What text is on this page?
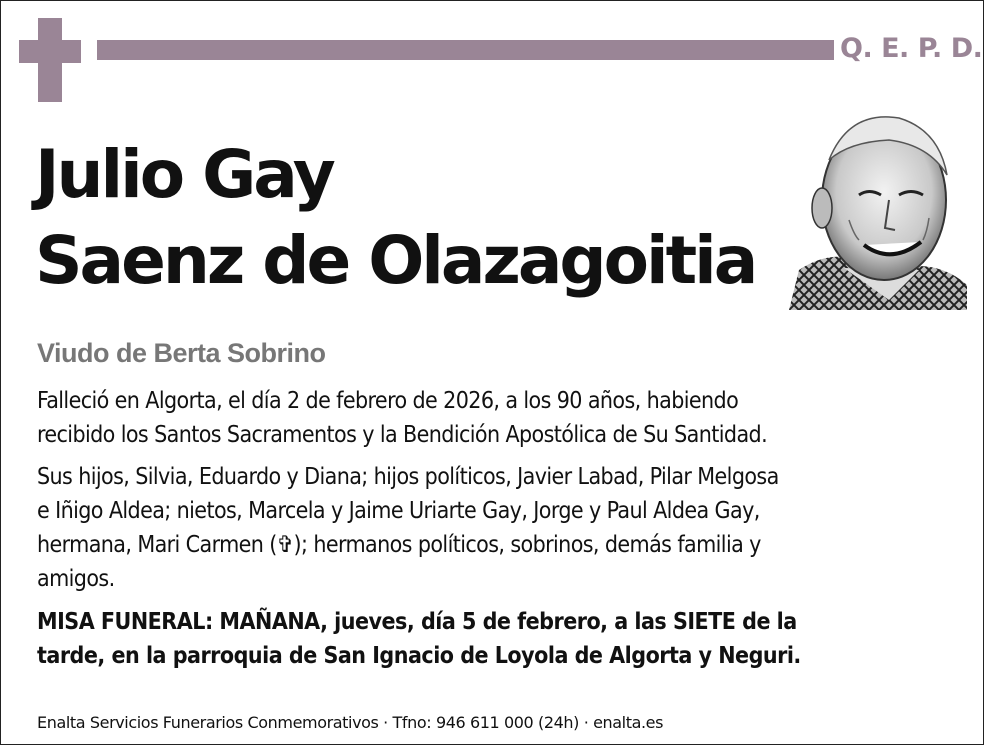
Q. E. P. D.
Julio Gay
Saenz de Olazagoitia
Viudo de Berta Sobrino
Falleció en Algorta, el día 2 de febrero de 2026, a los 90 años, habiendo
recibido los Santos Sacramentos y la Bendición Apostólica de Su Santidad.
Sus hijos, Silvia, Eduardo y Diana; hijos políticos, Javier Labad, Pilar Melgosa
e Iñigo Aldea; nietos, Marcela y Jaime Uriarte Gay, Jorge y Paul Aldea Gay,
hermana, Mari Carmen (✞); hermanos políticos, sobrinos, demás familia y
amigos.
MISA FUNERAL: MAÑANA, jueves, día 5 de febrero, a las SIETE de la
tarde, en la parroquia de San Ignacio de Loyola de Algorta y Neguri.
Enalta Servicios Funerarios Conmemorativos · Tfno: 946 611 000 (24h) · enalta.es
